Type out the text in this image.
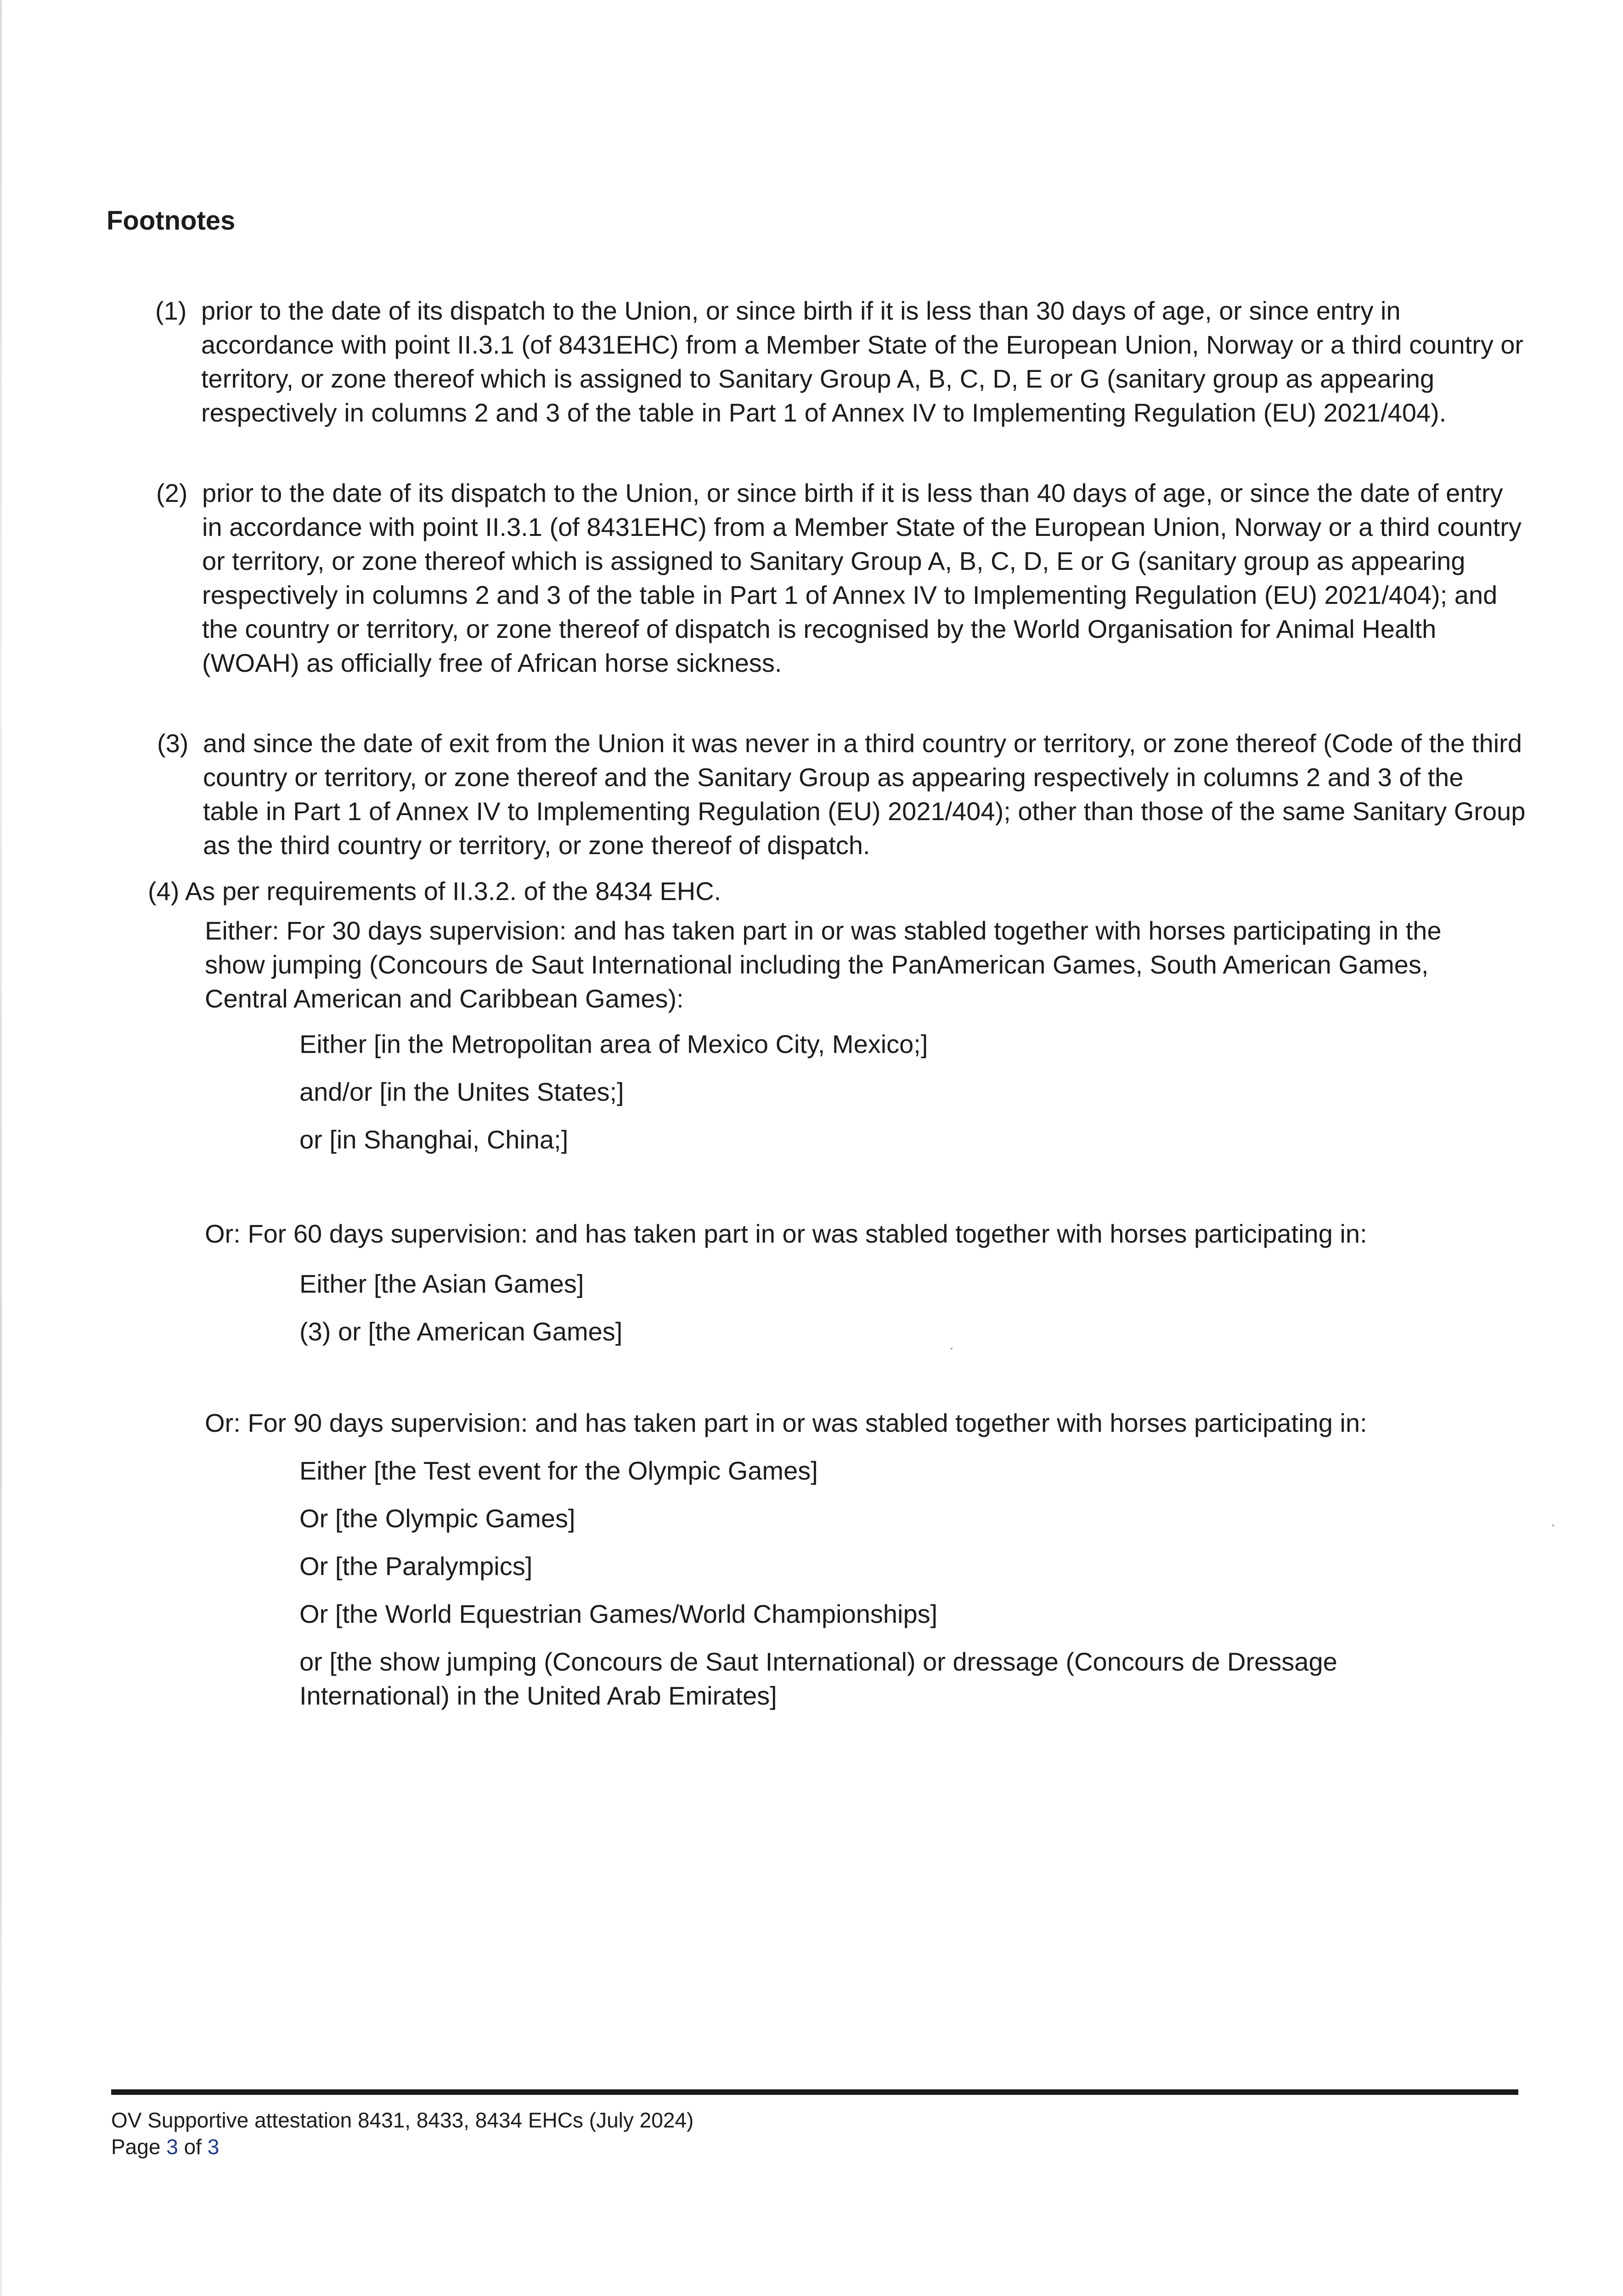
Footnotes
(1) prior to the date of its dispatch to the Union, or since birth if it is less than 30 days of age, or since entry in accordance with point II.3.1 (of 8431EHC) from a Member State of the European Union, Norway or a third country or territory, or zone thereof which is assigned to Sanitary Group A, B, C, D, E or G (sanitary group as appearing respectively in columns 2 and 3 of the table in Part 1 of Annex IV to Implementing Regulation (EU) 2021/404).
(2) prior to the date of its dispatch to the Union, or since birth if it is less than 40 days of age, or since the date of entry in accordance with point II.3.1 (of 8431EHC) from a Member State of the European Union, Norway or a third country or territory, or zone thereof which is assigned to Sanitary Group A, B, C, D, E or G (sanitary group as appearing respectively in columns 2 and 3 of the table in Part 1 of Annex IV to Implementing Regulation (EU) 2021/404); and the country or territory, or zone thereof of dispatch is recognised by the World Organisation for Animal Health (WOAH) as officially free of African horse sickness.
(3) and since the date of exit from the Union it was never in a third country or territory, or zone thereof (Code of the third country or territory, or zone thereof and the Sanitary Group as appearing respectively in columns 2 and 3 of the table in Part 1 of Annex IV to Implementing Regulation (EU) 2021/404); other than those of the same Sanitary Group as the third country or territory, or zone thereof of dispatch.

(4) As per requirements of II.3.2. of the 8434 EHC.

Either: For 30 days supervision: and has taken part in or was stabled together with horses participating in the show jumping (Concours de Saut International including the PanAmerican Games, South American Games, Central American and Caribbean Games):

Either [in the Metropolitan area of Mexico City, Mexico;]

and/or [in the Unites States;]

or [in Shanghai, China;]

Or: For 60 days supervision: and has taken part in or was stabled together with horses participating in:

Either [the Asian Games]

(3) or [the American Games]

Or: For 90 days supervision: and has taken part in or was stabled together with horses participating in:

Either [the Test event for the Olympic Games]

Or [the Olympic Games]

Or [the Paralympics]

Or [the World Equestrian Games/World Championships]

or [the show jumping (Concours de Saut International) or dressage (Concours de Dressage International) in the United Arab Emirates]

OV Supportive attestation 8431, 8433, 8434 EHCs (July 2024)

Page 3 of 3
